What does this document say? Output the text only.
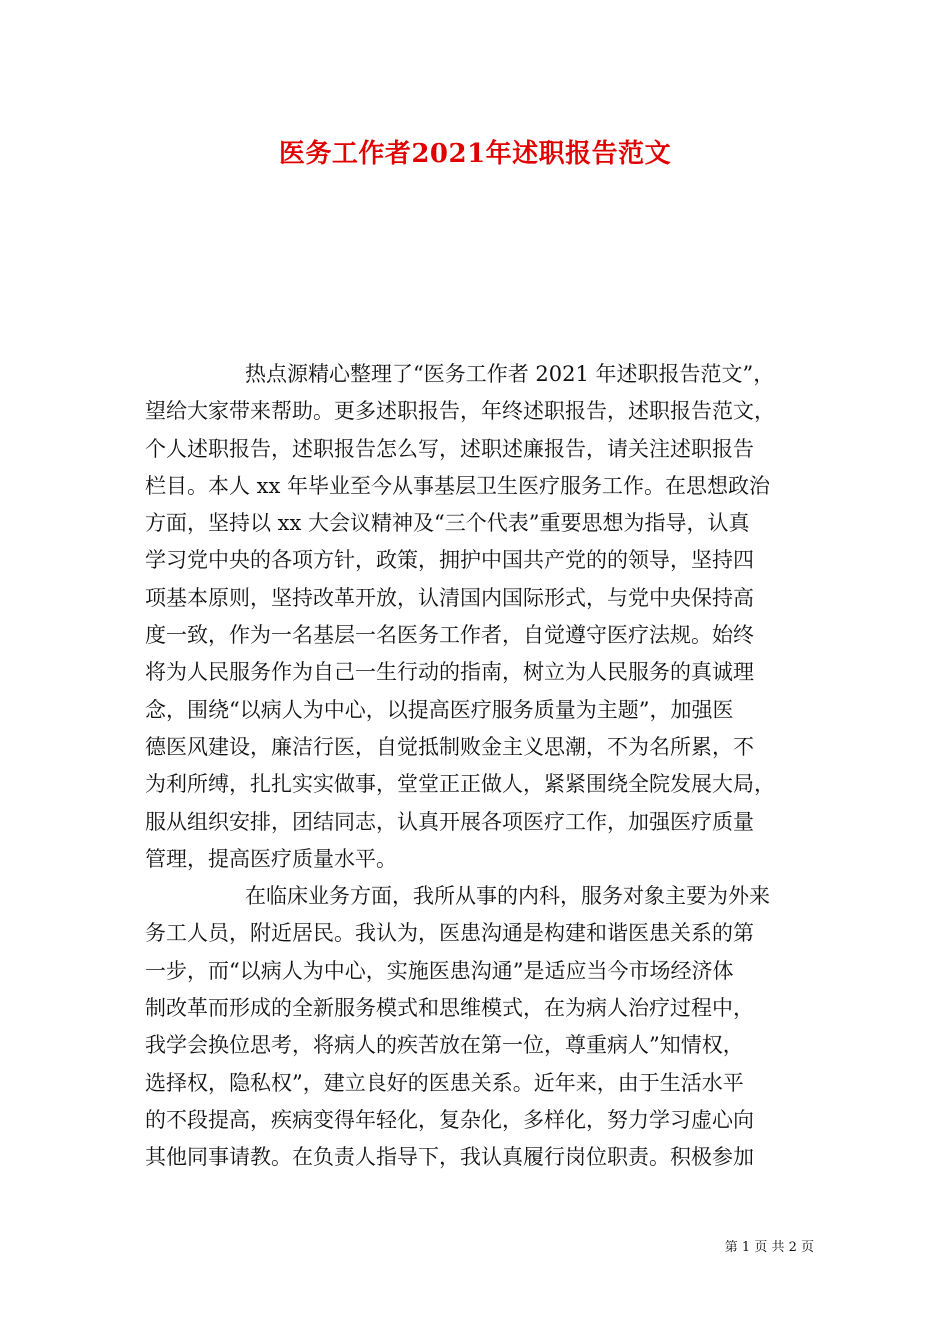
医务工作者2021年述职报告范文
热点源精心整理了“医务工作者 2021 年述职报告范文”，
望给大家带来帮助。更多述职报告，年终述职报告，述职报告范文，
个人述职报告，述职报告怎么写，述职述廉报告，请关注述职报告
栏目。本人 xx 年毕业至今从事基层卫生医疗服务工作。在思想政治
方面，坚持以 xx 大会议精神及“三个代表”重要思想为指导，认真
学习党中央的各项方针，政策，拥护中国共产党的的领导，坚持四
项基本原则，坚持改革开放，认清国内国际形式，与党中央保持高
度一致，作为一名基层一名医务工作者，自觉遵守医疗法规。始终
将为人民服务作为自己一生行动的指南，树立为人民服务的真诚理
念，围绕“以病人为中心，以提高医疗服务质量为主题”，加强医
德医风建设，廉洁行医，自觉抵制败金主义思潮，不为名所累，不
为利所缚，扎扎实实做事，堂堂正正做人，紧紧围绕全院发展大局，
服从组织安排，团结同志，认真开展各项医疗工作，加强医疗质量
管理，提高医疗质量水平。
在临床业务方面，我所从事的内科，服务对象主要为外来
务工人员，附近居民。我认为，医患沟通是构建和谐医患关系的第
一步，而“以病人为中心，实施医患沟通”是适应当今市场经济体
制改革而形成的全新服务模式和思维模式，在为病人治疗过程中，
我学会换位思考，将病人的疾苦放在第一位，尊重病人”知情权，
选择权，隐私权”，建立良好的医患关系。近年来，由于生活水平
的不段提高，疾病变得年轻化，复杂化，多样化，努力学习虚心向
其他同事请教。在负责人指导下，我认真履行岗位职责。积极参加
第 1 页 共 2 页
